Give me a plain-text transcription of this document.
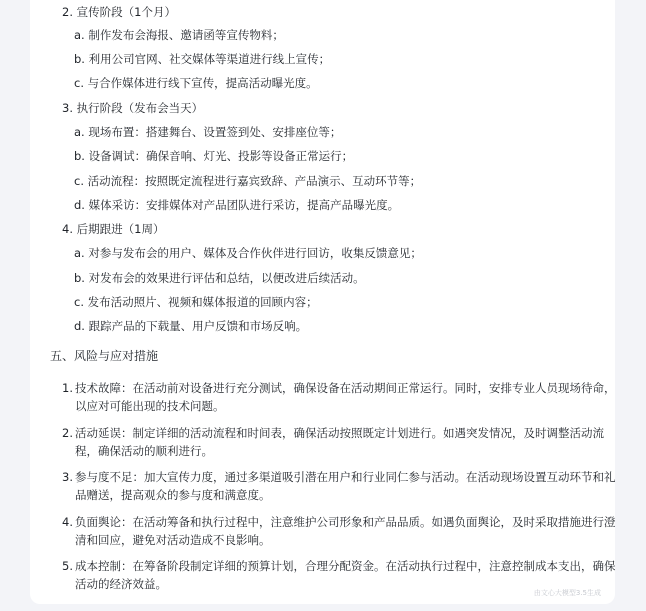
2. 宣传阶段（1个月）
a. 制作发布会海报、邀请函等宣传物料；
b. 利用公司官网、社交媒体等渠道进行线上宣传；
c. 与合作媒体进行线下宣传，提高活动曝光度。
3. 执行阶段（发布会当天）
a. 现场布置：搭建舞台、设置签到处、安排座位等；
b. 设备调试：确保音响、灯光、投影等设备正常运行；
c. 活动流程：按照既定流程进行嘉宾致辞、产品演示、互动环节等；
d. 媒体采访：安排媒体对产品团队进行采访，提高产品曝光度。
4. 后期跟进（1周）
a. 对参与发布会的用户、媒体及合作伙伴进行回访，收集反馈意见；
b. 对发布会的效果进行评估和总结，以便改进后续活动。
c. 发布活动照片、视频和媒体报道的回顾内容；
d. 跟踪产品的下载量、用户反馈和市场反响。
五、风险与应对措施
1. 技术故障：在活动前对设备进行充分测试，确保设备在活动期间正常运行。同时，安排专业人员现场待命，
以应对可能出现的技术问题。
2. 活动延误：制定详细的活动流程和时间表，确保活动按照既定计划进行。如遇突发情况，及时调整活动流
程，确保活动的顺利进行。
3. 参与度不足：加大宣传力度，通过多渠道吸引潜在用户和行业同仁参与活动。在活动现场设置互动环节和礼
品赠送，提高观众的参与度和满意度。
4. 负面舆论：在活动筹备和执行过程中，注意维护公司形象和产品品质。如遇负面舆论，及时采取措施进行澄
清和回应，避免对活动造成不良影响。
5. 成本控制：在筹备阶段制定详细的预算计划，合理分配资金。在活动执行过程中，注意控制成本支出，确保
活动的经济效益。
由文心大模型3.5生成
